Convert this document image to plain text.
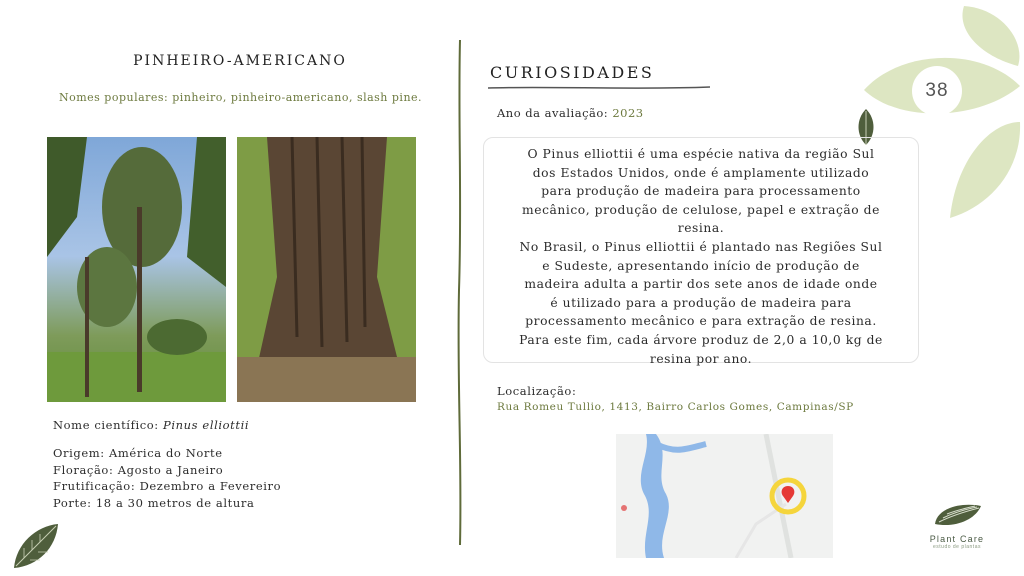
38
PINHEIRO-AMERICANO
Nomes populares: pinheiro, pinheiro-americano, slash pine.
Nome científico: Pinus elliottii
Origem: América do Norte
Floração: Agosto a Janeiro
Frutificação: Dezembro a Fevereiro
Porte: 18 a 30 metros de altura
CURIOSIDADES
Ano da avaliação: 2023

O Pinus elliottii é uma espécie nativa da região Sul

dos Estados Unidos, onde é amplamente utilizado

para produção de madeira para processamento

mecânico, produção de celulose, papel e extração de

resina.

No Brasil, o Pinus elliottii é plantado nas Regiões Sul

e Sudeste, apresentando início de produção de

madeira adulta a partir dos sete anos de idade onde

é utilizado para a produção de madeira para

processamento mecânico e para extração de resina.

Para este fim, cada árvore produz de 2,0 a 10,0 kg de

resina por ano.

Localização:
Rua Romeu Tullio, 1413, Bairro Carlos Gomes, Campinas/SP
Plant Care
estudo de plantas
